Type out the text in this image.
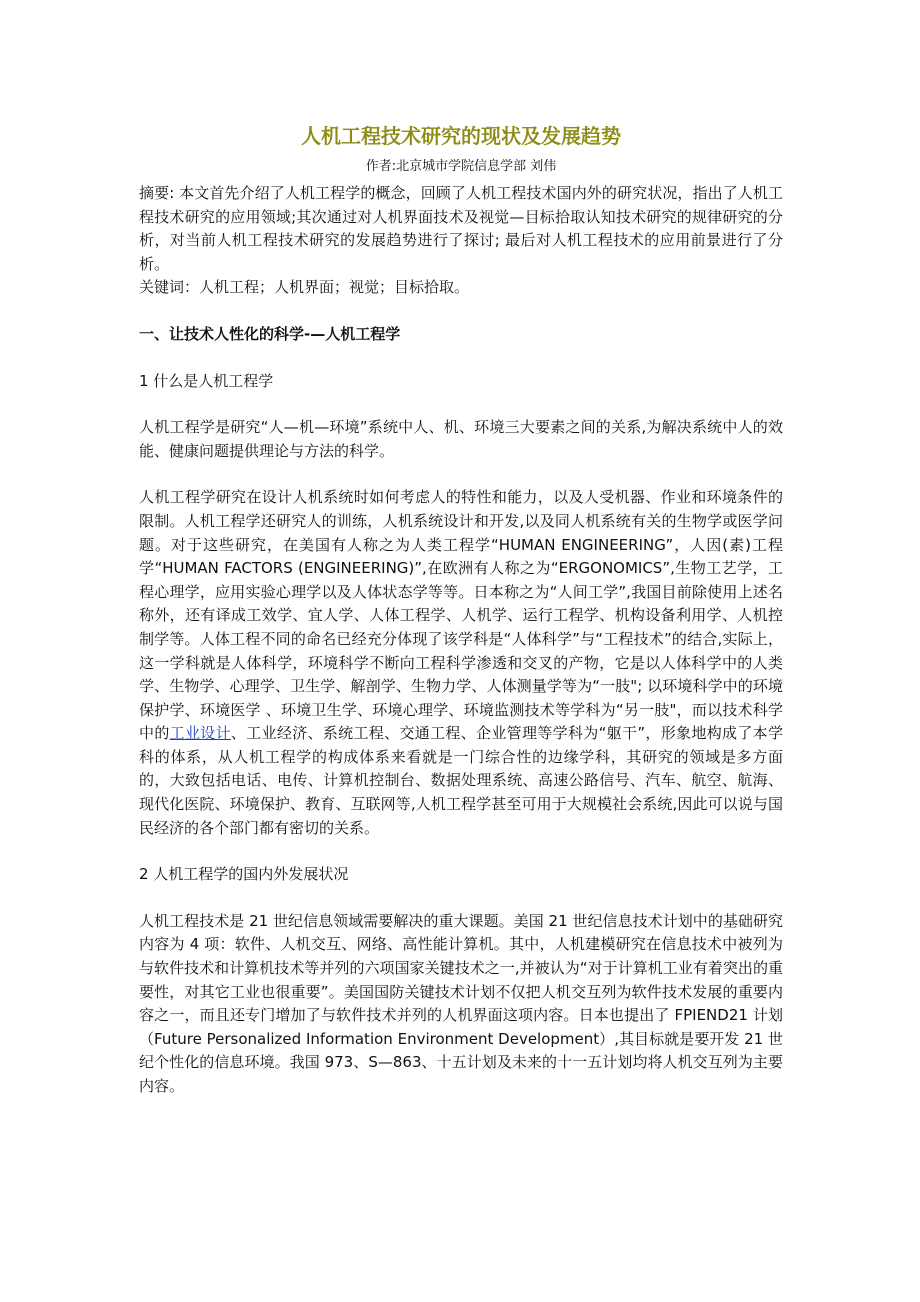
人机工程技术研究的现状及发展趋势
作者:北京城市学院信息学部 刘伟

摘要: 本文首先介绍了人机工程学的概念，回顾了人机工程技术国内外的研究状况，指出了人机工程技术研究的应用领域;其次通过对人机界面技术及视觉—目标拾取认知技术研究的规律研究的分析，对当前人机工程技术研究的发展趋势进行了探讨; 最后对人机工程技术的应用前景进行了分析。

关键词：人机工程；人机界面；视觉；目标拾取。

一、让技术人性化的科学-—人机工程学

1 什么是人机工程学

人机工程学是研究“人—机—环境”系统中人、机、环境三大要素之间的关系,为解决系统中人的效能、健康问题提供理论与方法的科学。

人机工程学研究在设计人机系统时如何考虑人的特性和能力，以及人受机器、作业和环境条件的限制。人机工程学还研究人的训练，人机系统设计和开发,以及同人机系统有关的生物学或医学问题。对于这些研究，在美国有人称之为人类工程学“HUMAN ENGINEERING”，人因(素)工程学“HUMAN FACTORS (ENGINEERING)”,在欧洲有人称之为“ERGONOMICS”,生物工艺学，工程心理学，应用实验心理学以及人体状态学等等。日本称之为“人间工学”,我国目前除使用上述名称外，还有译成工效学、宜人学、人体工程学、人机学、运行工程学、机构设备利用学、人机控制学等。人体工程不同的命名已经充分体现了该学科是“人体科学”与“工程技术”的结合,实际上，这一学科就是人体科学，环境科学不断向工程科学渗透和交叉的产物，它是以人体科学中的人类学、生物学、心理学、卫生学、解剖学、生物力学、人体测量学等为“一肢"; 以环境科学中的环境保护学、环境医学 、环境卫生学、环境心理学、环境监测技术等学科为“另一肢"，而以技术科学中的工业设计、工业经济、系统工程、交通工程、企业管理等学科为“躯干”，形象地构成了本学科的体系，从人机工程学的构成体系来看就是一门综合性的边缘学科，其研究的领域是多方面的，大致包括电话、电传、计算机控制台、数据处理系统、高速公路信号、汽车、航空、航海、现代化医院、环境保护、教育、互联网等,人机工程学甚至可用于大规模社会系统,因此可以说与国民经济的各个部门都有密切的关系。

2 人机工程学的国内外发展状况

人机工程技术是 21 世纪信息领域需要解决的重大课题。美国 21 世纪信息技术计划中的基础研究内容为 4 项：软件、人机交互、网络、高性能计算机。其中，人机建模研究在信息技术中被列为与软件技术和计算机技术等并列的六项国家关键技术之一,并被认为“对于计算机工业有着突出的重要性，对其它工业也很重要”。美国国防关键技术计划不仅把人机交互列为软件技术发展的重要内容之一，而且还专门增加了与软件技术并列的人机界面这项内容。日本也提出了 FPIEND21 计划（Future Personalized Information Environment Development）,其目标就是要开发 21 世纪个性化的信息环境。我国 973、S—863、十五计划及未来的十一五计划均将人机交互列为主要内容。
